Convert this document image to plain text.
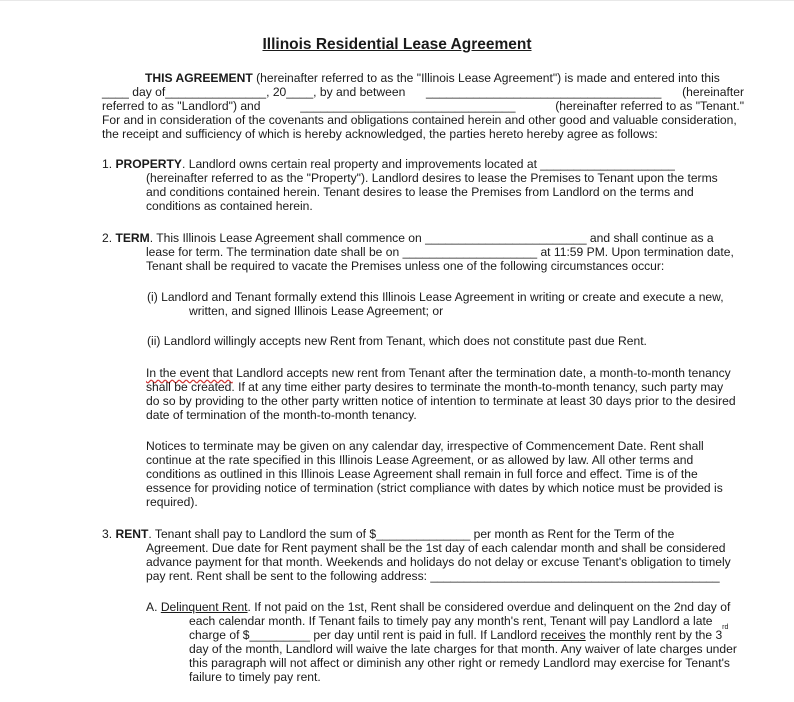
Illinois Residential Lease Agreement
THIS AGREEMENT (hereinafter referred to as the "Illinois Lease Agreement") is made and entered into this
____ day of_______________, 20____, by and between ___________________________________ (hereinafter
referred to as "Landlord") and	________________________________	(hereinafter referred to as "Tenant."
For and in consideration of the covenants and obligations contained herein and other good and valuable consideration,
the receipt and sufficiency of which is hereby acknowledged, the parties hereto hereby agree as follows:
1. PROPERTY. Landlord owns certain real property and improvements located at ____________________
(hereinafter referred to as the "Property"). Landlord desires to lease the Premises to Tenant upon the terms
and conditions contained herein. Tenant desires to lease the Premises from Landlord on the terms and
conditions as contained herein.
2. TERM. This Illinois Lease Agreement shall commence on ________________________ and shall continue as a
lease for term. The termination date shall be on ____________________ at 11:59 PM. Upon termination date,
Tenant shall be required to vacate the Premises unless one of the following circumstances occur:
(i) Landlord and Tenant formally extend this Illinois Lease Agreement in writing or create and execute a new,
written, and signed Illinois Lease Agreement; or
(ii) Landlord willingly accepts new Rent from Tenant, which does not constitute past due Rent.
In the event that Landlord accepts new rent from Tenant after the termination date, a month-to-month tenancy
shall be created. If at any time either party desires to terminate the month-to-month tenancy, such party may
do so by providing to the other party written notice of intention to terminate at least 30 days prior to the desired
date of termination of the month-to-month tenancy.
Notices to terminate may be given on any calendar day, irrespective of Commencement Date. Rent shall
continue at the rate specified in this Illinois Lease Agreement, or as allowed by law. All other terms and
conditions as outlined in this Illinois Lease Agreement shall remain in full force and effect. Time is of the
essence for providing notice of termination (strict compliance with dates by which notice must be provided is
required).
3. RENT. Tenant shall pay to Landlord the sum of $______________ per month as Rent for the Term of the
Agreement. Due date for Rent payment shall be the 1st day of each calendar month and shall be considered
advance payment for that month. Weekends and holidays do not delay or excuse Tenant's obligation to timely
pay rent. Rent shall be sent to the following address: ___________________________________________
A. Delinquent Rent. If not paid on the 1st, Rent shall be considered overdue and delinquent on the 2nd day of
each calendar month. If Tenant fails to timely pay any month's rent, Tenant will pay Landlord a late
charge of $_________ per day until rent is paid in full. If Landlord receives the monthly rent by the 3rd
day of the month, Landlord will waive the late charges for that month. Any waiver of late charges under
this paragraph will not affect or diminish any other right or remedy Landlord may exercise for Tenant's
failure to timely pay rent.
